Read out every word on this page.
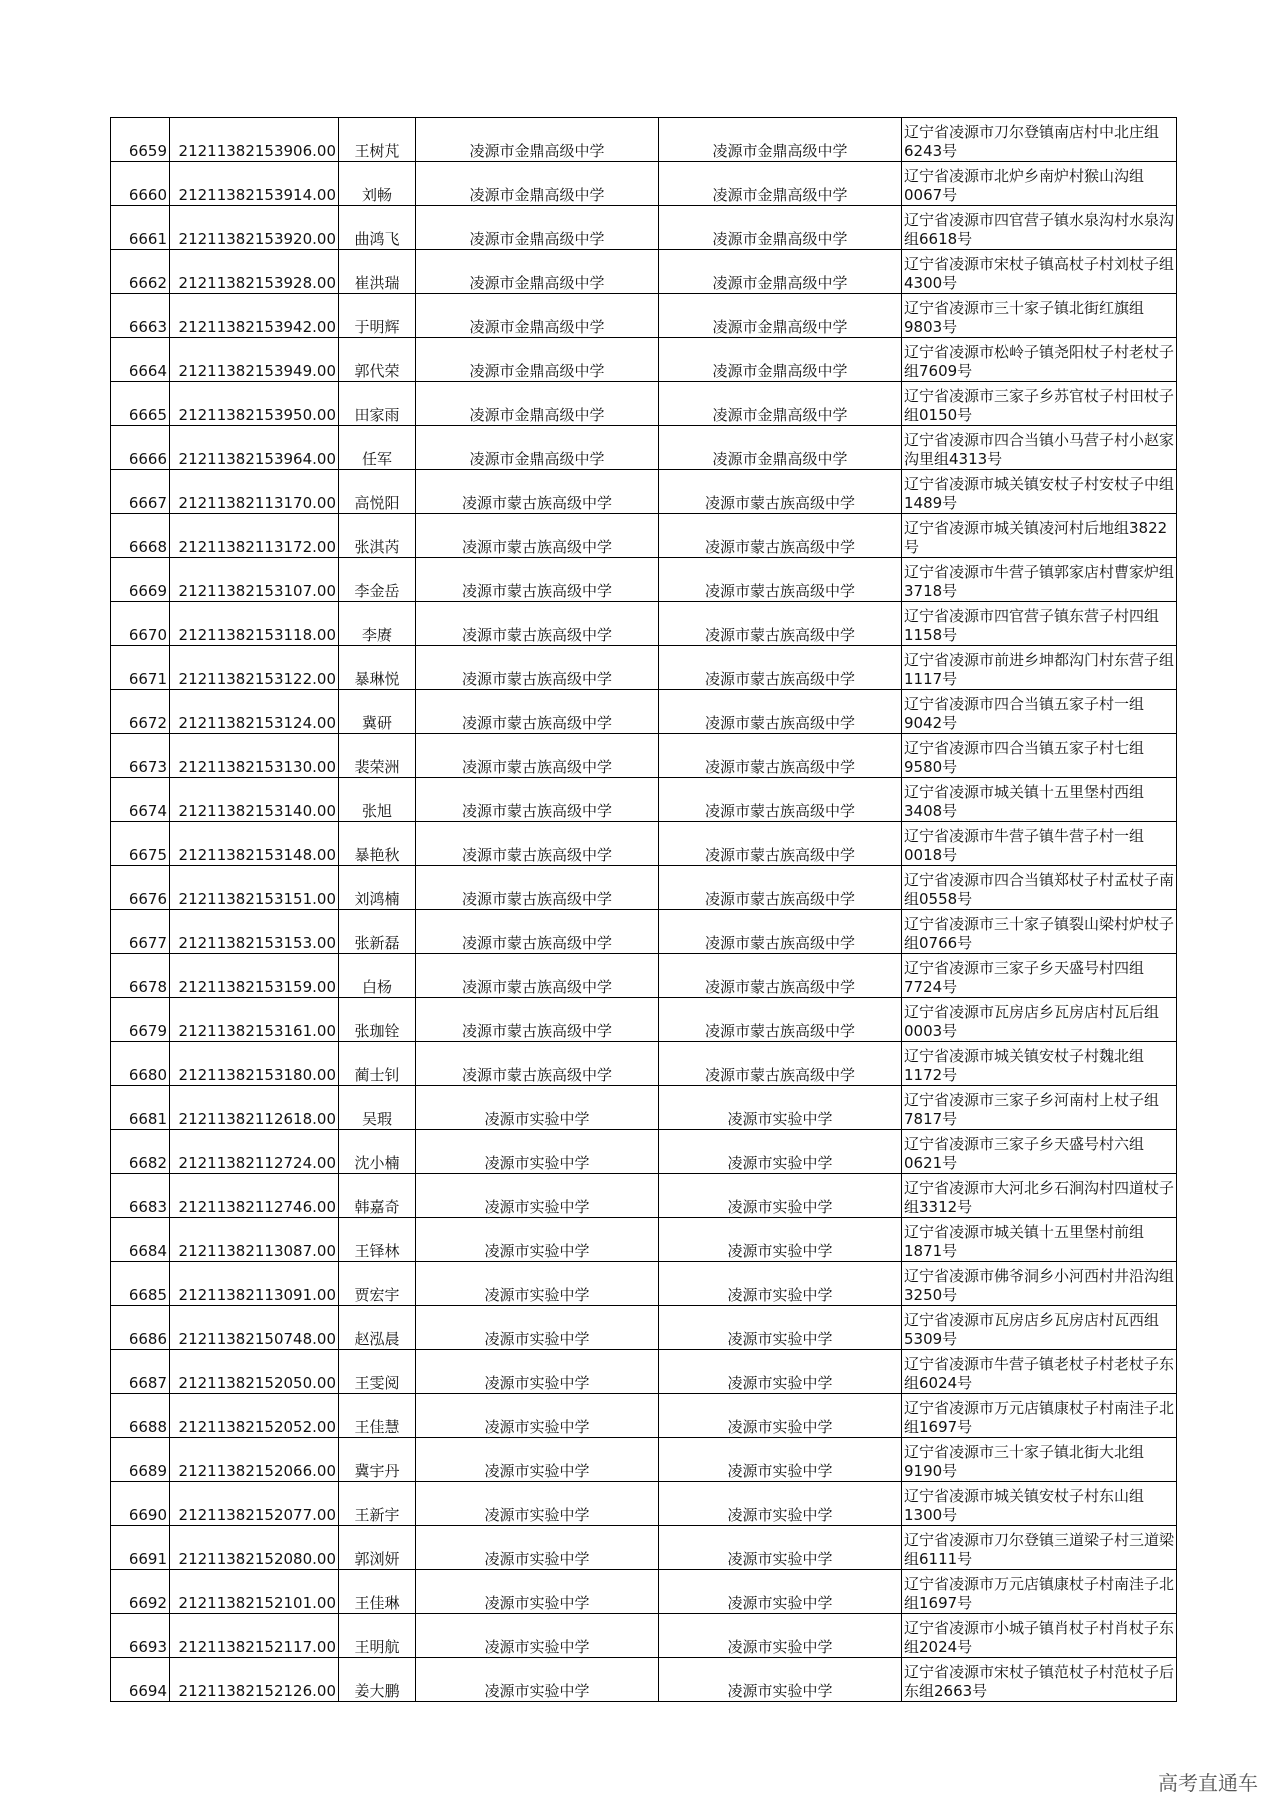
6659	21211382153906.00	王树芃	凌源市金鼎高级中学	凌源市金鼎高级中学	辽宁省凌源市刀尔登镇南店村中北庄组6243号
6660	21211382153914.00	刘畅	凌源市金鼎高级中学	凌源市金鼎高级中学	辽宁省凌源市北炉乡南炉村猴山沟组0067号
6661	21211382153920.00	曲鸿飞	凌源市金鼎高级中学	凌源市金鼎高级中学	辽宁省凌源市四官营子镇水泉沟村水泉沟组6618号
6662	21211382153928.00	崔洪瑞	凌源市金鼎高级中学	凌源市金鼎高级中学	辽宁省凌源市宋杖子镇高杖子村刘杖子组4300号
6663	21211382153942.00	于明辉	凌源市金鼎高级中学	凌源市金鼎高级中学	辽宁省凌源市三十家子镇北街红旗组9803号
6664	21211382153949.00	郭代荣	凌源市金鼎高级中学	凌源市金鼎高级中学	辽宁省凌源市松岭子镇尧阳杖子村老杖子组7609号
6665	21211382153950.00	田家雨	凌源市金鼎高级中学	凌源市金鼎高级中学	辽宁省凌源市三家子乡苏官杖子村田杖子组0150号
6666	21211382153964.00	任军	凌源市金鼎高级中学	凌源市金鼎高级中学	辽宁省凌源市四合当镇小马营子村小赵家沟里组4313号
6667	21211382113170.00	高悦阳	凌源市蒙古族高级中学	凌源市蒙古族高级中学	辽宁省凌源市城关镇安杖子村安杖子中组1489号
6668	21211382113172.00	张淇芮	凌源市蒙古族高级中学	凌源市蒙古族高级中学	辽宁省凌源市城关镇凌河村后地组3822号
6669	21211382153107.00	李金岳	凌源市蒙古族高级中学	凌源市蒙古族高级中学	辽宁省凌源市牛营子镇郭家店村曹家炉组3718号
6670	21211382153118.00	李赓	凌源市蒙古族高级中学	凌源市蒙古族高级中学	辽宁省凌源市四官营子镇东营子村四组1158号
6671	21211382153122.00	暴琳悦	凌源市蒙古族高级中学	凌源市蒙古族高级中学	辽宁省凌源市前进乡坤都沟门村东营子组1117号
6672	21211382153124.00	冀研	凌源市蒙古族高级中学	凌源市蒙古族高级中学	辽宁省凌源市四合当镇五家子村一组9042号
6673	21211382153130.00	裴荣洲	凌源市蒙古族高级中学	凌源市蒙古族高级中学	辽宁省凌源市四合当镇五家子村七组9580号
6674	21211382153140.00	张旭	凌源市蒙古族高级中学	凌源市蒙古族高级中学	辽宁省凌源市城关镇十五里堡村西组3408号
6675	21211382153148.00	暴艳秋	凌源市蒙古族高级中学	凌源市蒙古族高级中学	辽宁省凌源市牛营子镇牛营子村一组0018号
6676	21211382153151.00	刘鸿楠	凌源市蒙古族高级中学	凌源市蒙古族高级中学	辽宁省凌源市四合当镇郑杖子村孟杖子南组0558号
6677	21211382153153.00	张新磊	凌源市蒙古族高级中学	凌源市蒙古族高级中学	辽宁省凌源市三十家子镇裂山梁村炉杖子组0766号
6678	21211382153159.00	白杨	凌源市蒙古族高级中学	凌源市蒙古族高级中学	辽宁省凌源市三家子乡天盛号村四组7724号
6679	21211382153161.00	张珈铨	凌源市蒙古族高级中学	凌源市蒙古族高级中学	辽宁省凌源市瓦房店乡瓦房店村瓦后组0003号
6680	21211382153180.00	蔺士钊	凌源市蒙古族高级中学	凌源市蒙古族高级中学	辽宁省凌源市城关镇安杖子村魏北组1172号
6681	21211382112618.00	吴瑕	凌源市实验中学	凌源市实验中学	辽宁省凌源市三家子乡河南村上杖子组7817号
6682	21211382112724.00	沈小楠	凌源市实验中学	凌源市实验中学	辽宁省凌源市三家子乡天盛号村六组0621号
6683	21211382112746.00	韩嘉奇	凌源市实验中学	凌源市实验中学	辽宁省凌源市大河北乡石涧沟村四道杖子组3312号
6684	21211382113087.00	王铎林	凌源市实验中学	凌源市实验中学	辽宁省凌源市城关镇十五里堡村前组1871号
6685	21211382113091.00	贾宏宇	凌源市实验中学	凌源市实验中学	辽宁省凌源市佛爷洞乡小河西村井沿沟组3250号
6686	21211382150748.00	赵泓晨	凌源市实验中学	凌源市实验中学	辽宁省凌源市瓦房店乡瓦房店村瓦西组5309号
6687	21211382152050.00	王雯阅	凌源市实验中学	凌源市实验中学	辽宁省凌源市牛营子镇老杖子村老杖子东组6024号
6688	21211382152052.00	王佳慧	凌源市实验中学	凌源市实验中学	辽宁省凌源市万元店镇康杖子村南洼子北组1697号
6689	21211382152066.00	冀宇丹	凌源市实验中学	凌源市实验中学	辽宁省凌源市三十家子镇北街大北组9190号
6690	21211382152077.00	王新宇	凌源市实验中学	凌源市实验中学	辽宁省凌源市城关镇安杖子村东山组1300号
6691	21211382152080.00	郭浏妍	凌源市实验中学	凌源市实验中学	辽宁省凌源市刀尔登镇三道梁子村三道梁组6111号
6692	21211382152101.00	王佳琳	凌源市实验中学	凌源市实验中学	辽宁省凌源市万元店镇康杖子村南洼子北组1697号
6693	21211382152117.00	王明航	凌源市实验中学	凌源市实验中学	辽宁省凌源市小城子镇肖杖子村肖杖子东组2024号
6694	21211382152126.00	姜大鹏	凌源市实验中学	凌源市实验中学	辽宁省凌源市宋杖子镇范杖子村范杖子后东组2663号
高考直通车
